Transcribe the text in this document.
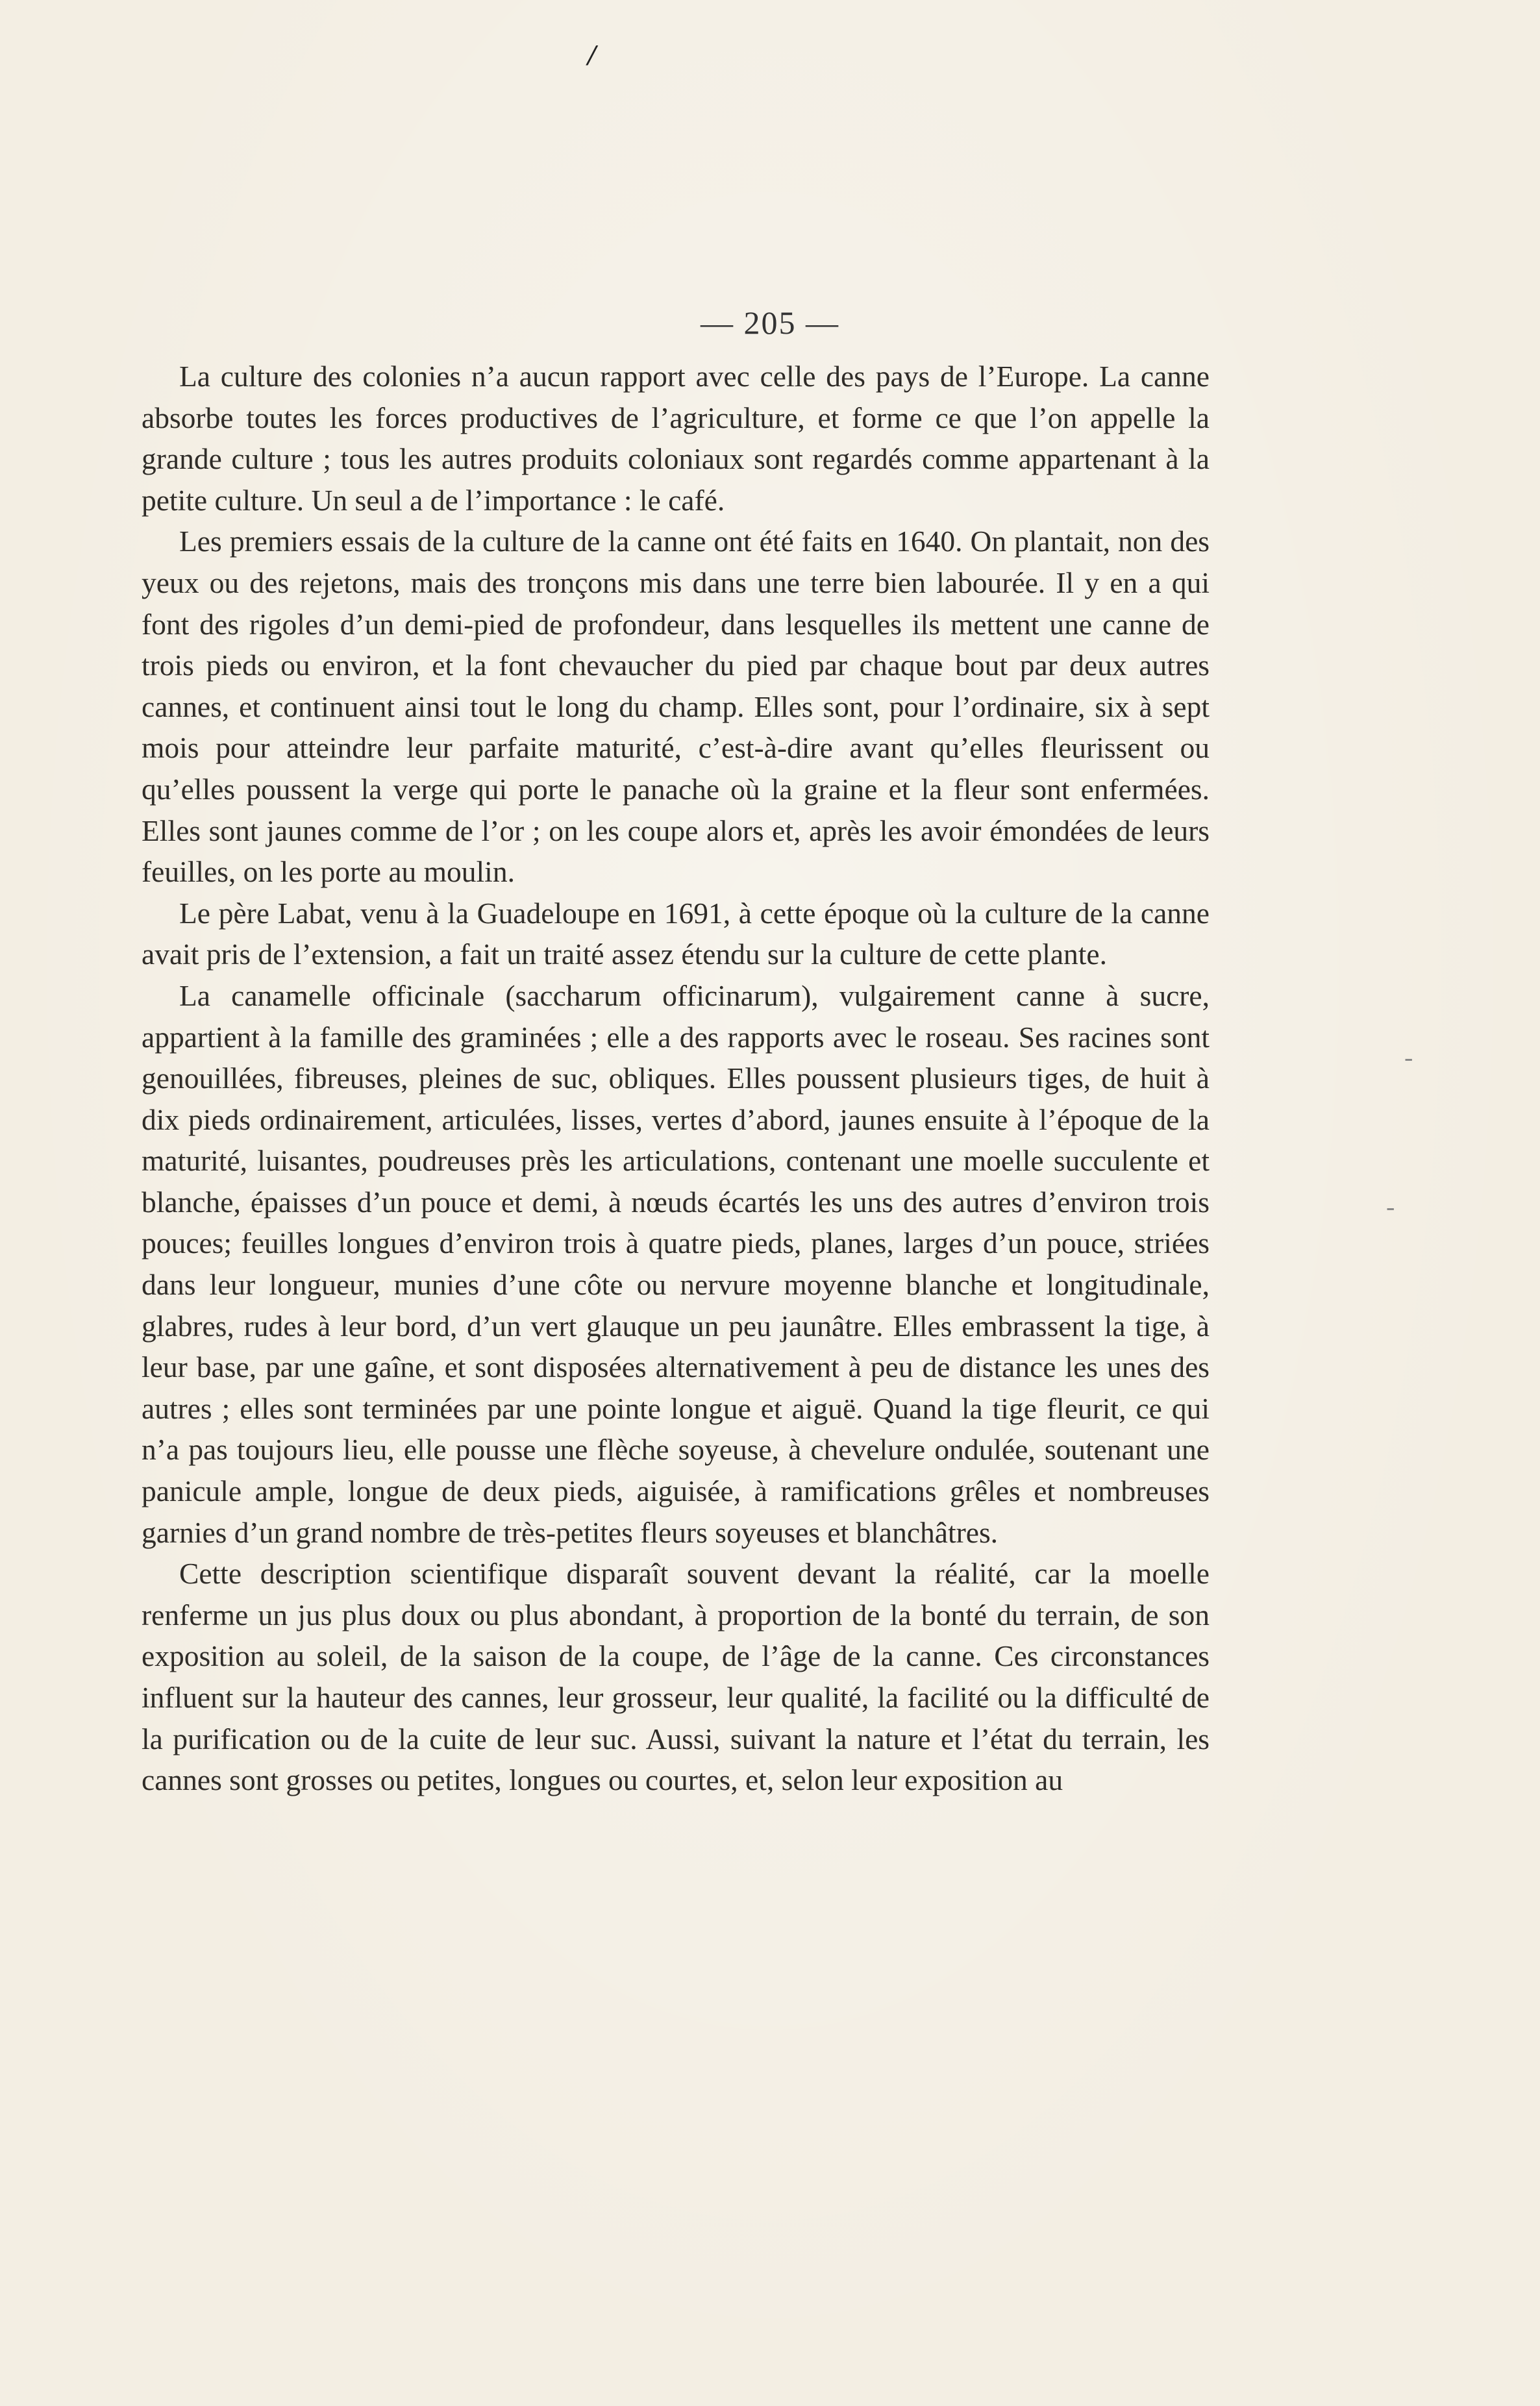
/
— 205 —

La culture des colonies n’a aucun rapport avec celle des pays de l’Europe. La canne absorbe toutes les forces productives de l’agriculture, et forme ce que l’on appelle la grande culture ; tous les autres produits coloniaux sont regardés comme appartenant à la petite culture. Un seul a de l’importance : le café.

Les premiers essais de la culture de la canne ont été faits en 1640. On plantait, non des yeux ou des rejetons, mais des tronçons mis dans une terre bien labourée. Il y en a qui font des rigoles d’un demi-pied de profondeur, dans lesquelles ils mettent une canne de trois pieds ou environ, et la font chevaucher du pied par chaque bout par deux autres cannes, et continuent ainsi tout le long du champ. Elles sont, pour l’ordinaire, six à sept mois pour atteindre leur parfaite maturité, c’est-à-dire avant qu’elles fleurissent ou qu’elles poussent la verge qui porte le panache où la graine et la fleur sont enfermées. Elles sont jaunes comme de l’or ; on les coupe alors et, après les avoir émondées de leurs feuilles, on les porte au moulin.

Le père Labat, venu à la Guadeloupe en 1691, à cette époque où la culture de la canne avait pris de l’extension, a fait un traité assez étendu sur la culture de cette plante.

La canamelle officinale (saccharum officinarum), vulgairement canne à sucre, appartient à la famille des graminées ; elle a des rapports avec le roseau. Ses racines sont genouillées, fibreuses, pleines de suc, obliques. Elles poussent plusieurs tiges, de huit à dix pieds ordinairement, articulées, lisses, vertes d’abord, jaunes ensuite à l’époque de la maturité, luisantes, poudreuses près les articulations, contenant une moelle succulente et blanche, épaisses d’un pouce et demi, à nœuds écartés les uns des autres d’environ trois pouces; feuilles longues d’environ trois à quatre pieds, planes, larges d’un pouce, striées dans leur longueur, munies d’une côte ou nervure moyenne blanche et longitudinale, glabres, rudes à leur bord, d’un vert glauque un peu jaunâtre. Elles embrassent la tige, à leur base, par une gaîne, et sont disposées alternativement à peu de distance les unes des autres ; elles sont terminées par une pointe longue et aiguë. Quand la tige fleurit, ce qui n’a pas toujours lieu, elle pousse une flèche soyeuse, à chevelure ondulée, soutenant une panicule ample, longue de deux pieds, aiguisée, à ramifications grêles et nombreuses garnies d’un grand nombre de très-petites fleurs soyeuses et blanchâtres.

Cette description scientifique disparaît souvent devant la réalité, car la moelle renferme un jus plus doux ou plus abondant, à proportion de la bonté du terrain, de son exposition au soleil, de la saison de la coupe, de l’âge de la canne. Ces circonstances influent sur la hauteur des cannes, leur grosseur, leur qualité, la facilité ou la difficulté de la purification ou de la cuite de leur suc. Aussi, suivant la nature et l’état du terrain, les cannes sont grosses ou petites, longues ou courtes, et, selon leur exposition au

-
-
